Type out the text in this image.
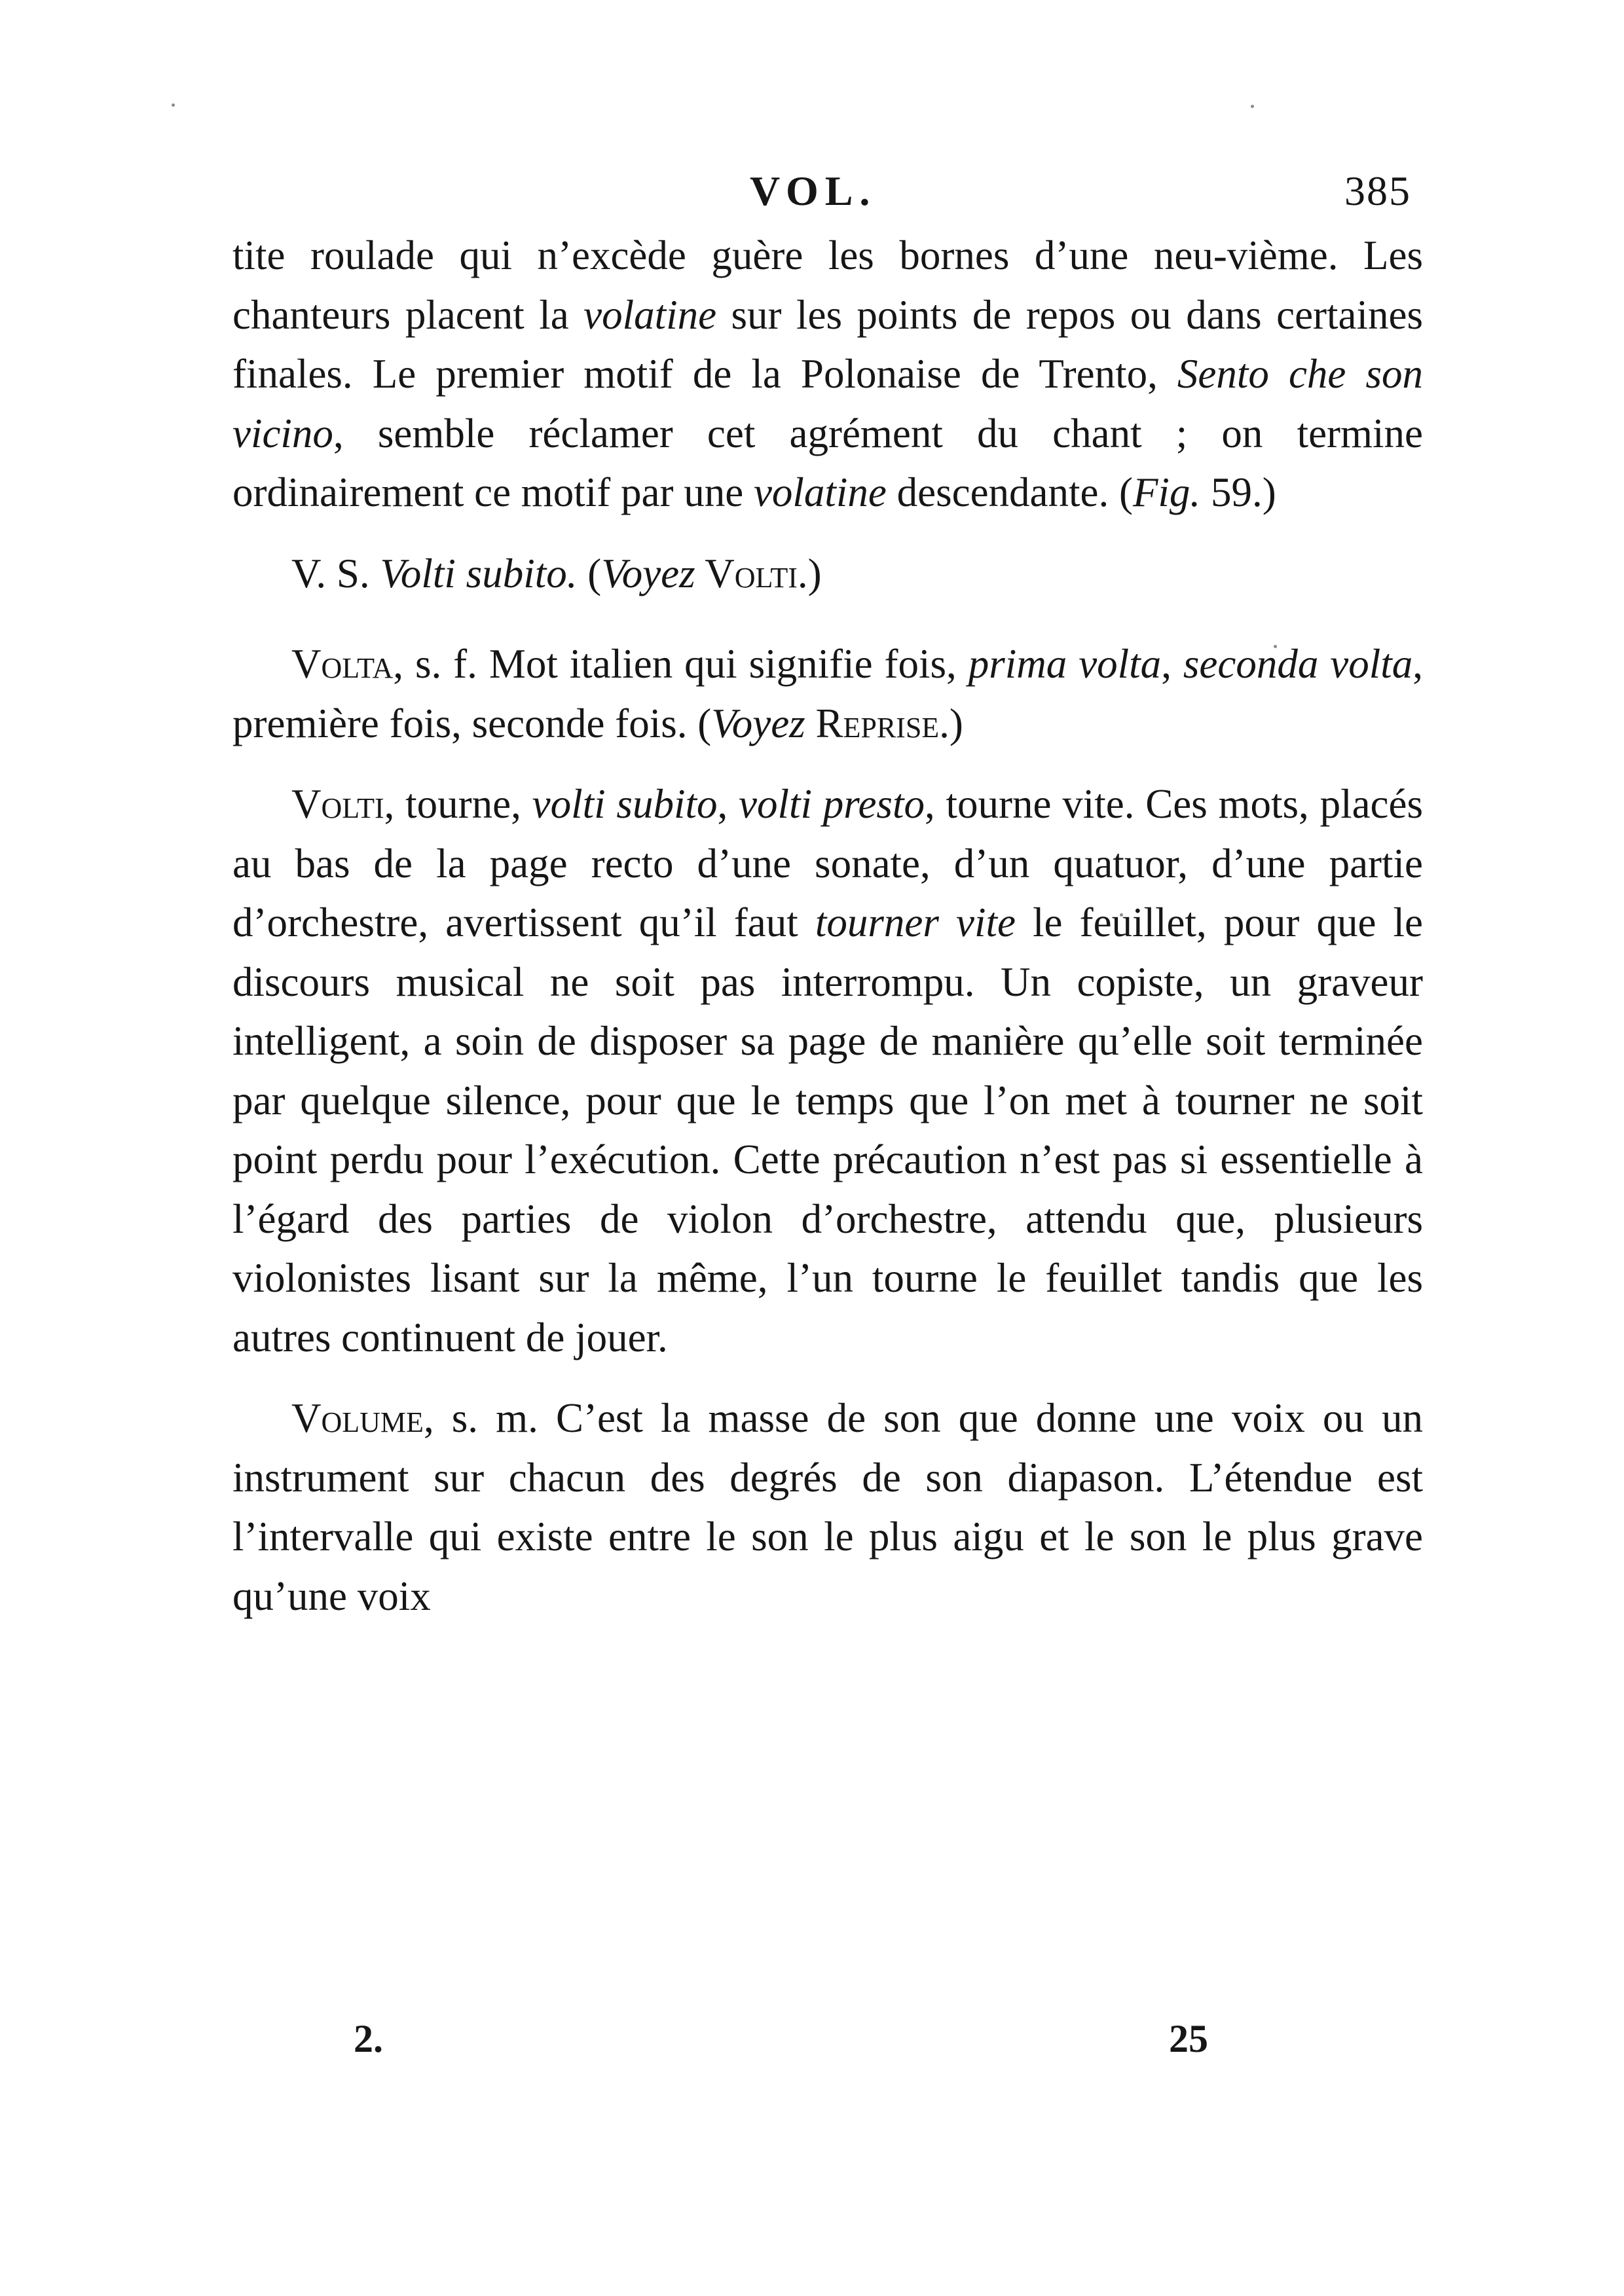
VOL.	385

tite roulade qui n’excède guère les bornes d’une neu-vième. Les chanteurs placent la volatine sur les points de repos ou dans certaines finales. Le premier motif de la Polonaise de Trento, Sento che son vicino, semble réclamer cet agrément du chant ; on termine ordinairement ce motif par une volatine descendante. (Fig. 59.)

V. S. Volti subito. (Voyez Volti.)

Volta, s. f. Mot italien qui signifie fois, prima volta, seconda volta, première fois, seconde fois. (Voyez Reprise.)

Volti, tourne, volti subito, volti presto, tourne vite. Ces mots, placés au bas de la page recto d’une sonate, d’un quatuor, d’une partie d’orchestre, avertissent qu’il faut tourner vite le feuillet, pour que le discours musical ne soit pas interrompu. Un copiste, un graveur intelligent, a soin de disposer sa page de manière qu’elle soit terminée par quelque silence, pour que le temps que l’on met à tourner ne soit point perdu pour l’exécution. Cette précaution n’est pas si essentielle à l’égard des parties de violon d’orchestre, attendu que, plusieurs violonistes lisant sur la même, l’un tourne le feuillet tandis que les autres continuent de jouer.

Volume, s. m. C’est la masse de son que donne une voix ou un instrument sur chacun des degrés de son diapason. L’étendue est l’intervalle qui existe entre le son le plus aigu et le son le plus grave qu’une voix

2.	25
